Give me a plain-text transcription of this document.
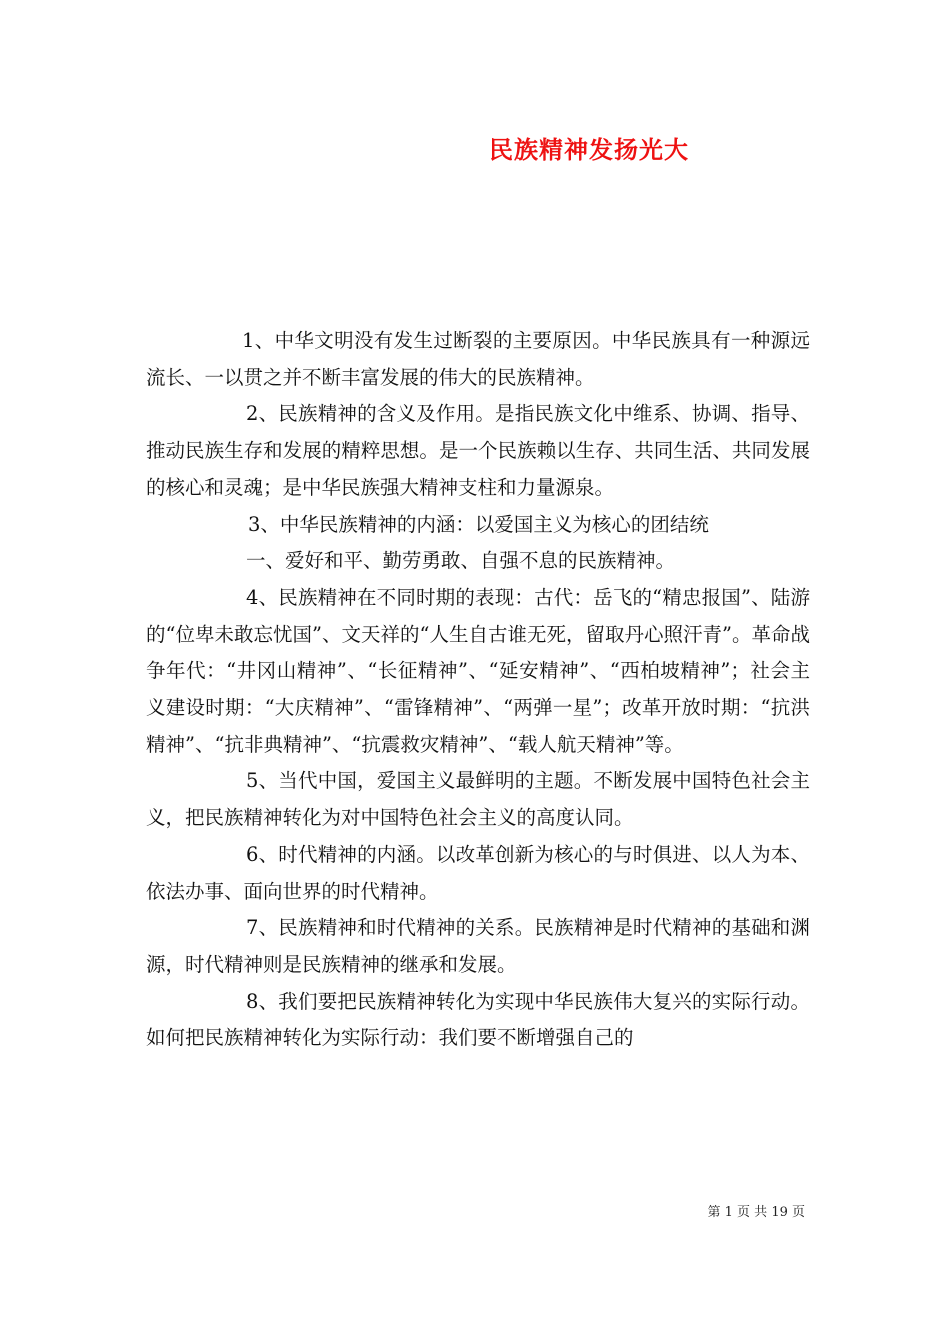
民族精神发扬光大

1、中华文明没有发生过断裂的主要原因。中华民族具有一种源远流长、一以贯之并不断丰富发展的伟大的民族精神。

2、民族精神的含义及作用。是指民族文化中维系、协调、指导、推动民族生存和发展的精粹思想。是一个民族赖以生存、共同生活、共同发展的核心和灵魂；是中华民族强大精神支柱和力量源泉。

3、中华民族精神的内涵：以爱国主义为核心的团结统

一、爱好和平、勤劳勇敢、自强不息的民族精神。

4、民族精神在不同时期的表现：古代：岳飞的“精忠报国”、陆游的“位卑未敢忘忧国”、文天祥的“人生自古谁无死，留取丹心照汗青”。革命战争年代：“井冈山精神”、“长征精神”、“延安精神”、“西柏坡精神”；社会主义建设时期：“大庆精神”、“雷锋精神”、“两弹一星”；改革开放时期：“抗洪精神”、“抗非典精神”、“抗震救灾精神”、“载人航天精神”等。

5、当代中国，爱国主义最鲜明的主题。不断发展中国特色社会主义，把民族精神转化为对中国特色社会主义的高度认同。

6、时代精神的内涵。以改革创新为核心的与时俱进、以人为本、依法办事、面向世界的时代精神。

7、民族精神和时代精神的关系。民族精神是时代精神的基础和渊源，时代精神则是民族精神的继承和发展。

8、我们要把民族精神转化为实现中华民族伟大复兴的实际行动。如何把民族精神转化为实际行动：我们要不断增强自己的

第 1 页 共 19 页
